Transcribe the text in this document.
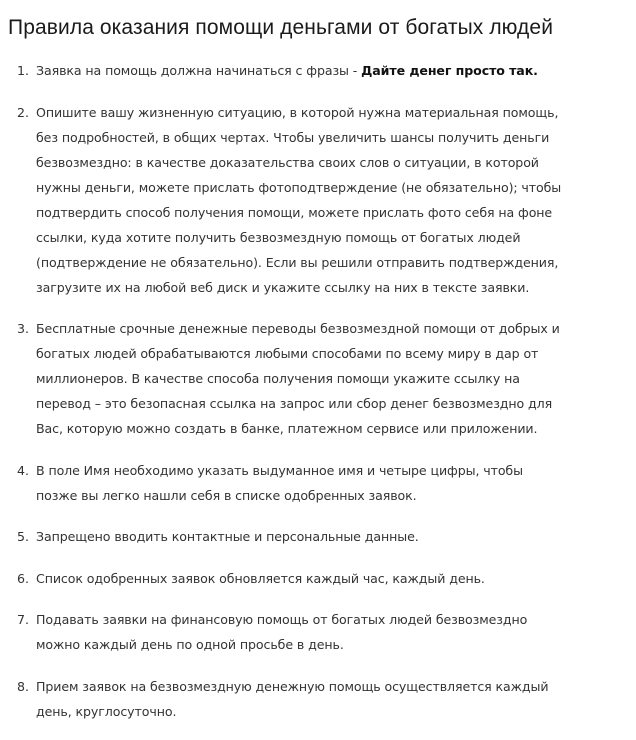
Правила оказания помощи деньгами от богатых людей
1. Заявка на помощь должна начинаться с фразы - Дайте денег просто так.
2. Опишите вашу жизненную ситуацию, в которой нужна материальная помощь,
без подробностей, в общих чертах. Чтобы увеличить шансы получить деньги
безвозмездно: в качестве доказательства своих слов о ситуации, в которой
нужны деньги, можете прислать фотоподтверждение (не обязательно); чтобы
подтвердить способ получения помощи, можете прислать фото себя на фоне
ссылки, куда хотите получить безвозмездную помощь от богатых людей
(подтверждение не обязательно). Если вы решили отправить подтверждения,
загрузите их на любой веб диск и укажите ссылку на них в тексте заявки.
3. Бесплатные срочные денежные переводы безвозмездной помощи от добрых и
богатых людей обрабатываются любыми способами по всему миру в дар от
миллионеров. В качестве способа получения помощи укажите ссылку на
перевод – это безопасная ссылка на запрос или сбор денег безвозмездно для
Вас, которую можно создать в банке, платежном сервисе или приложении.
4. В поле Имя необходимо указать выдуманное имя и четыре цифры, чтобы
позже вы легко нашли себя в списке одобренных заявок.
5. Запрещено вводить контактные и персональные данные.
6. Список одобренных заявок обновляется каждый час, каждый день.
7. Подавать заявки на финансовую помощь от богатых людей безвозмездно
можно каждый день по одной просьбе в день.
8. Прием заявок на безвозмездную денежную помощь осуществляется каждый
день, круглосуточно.
